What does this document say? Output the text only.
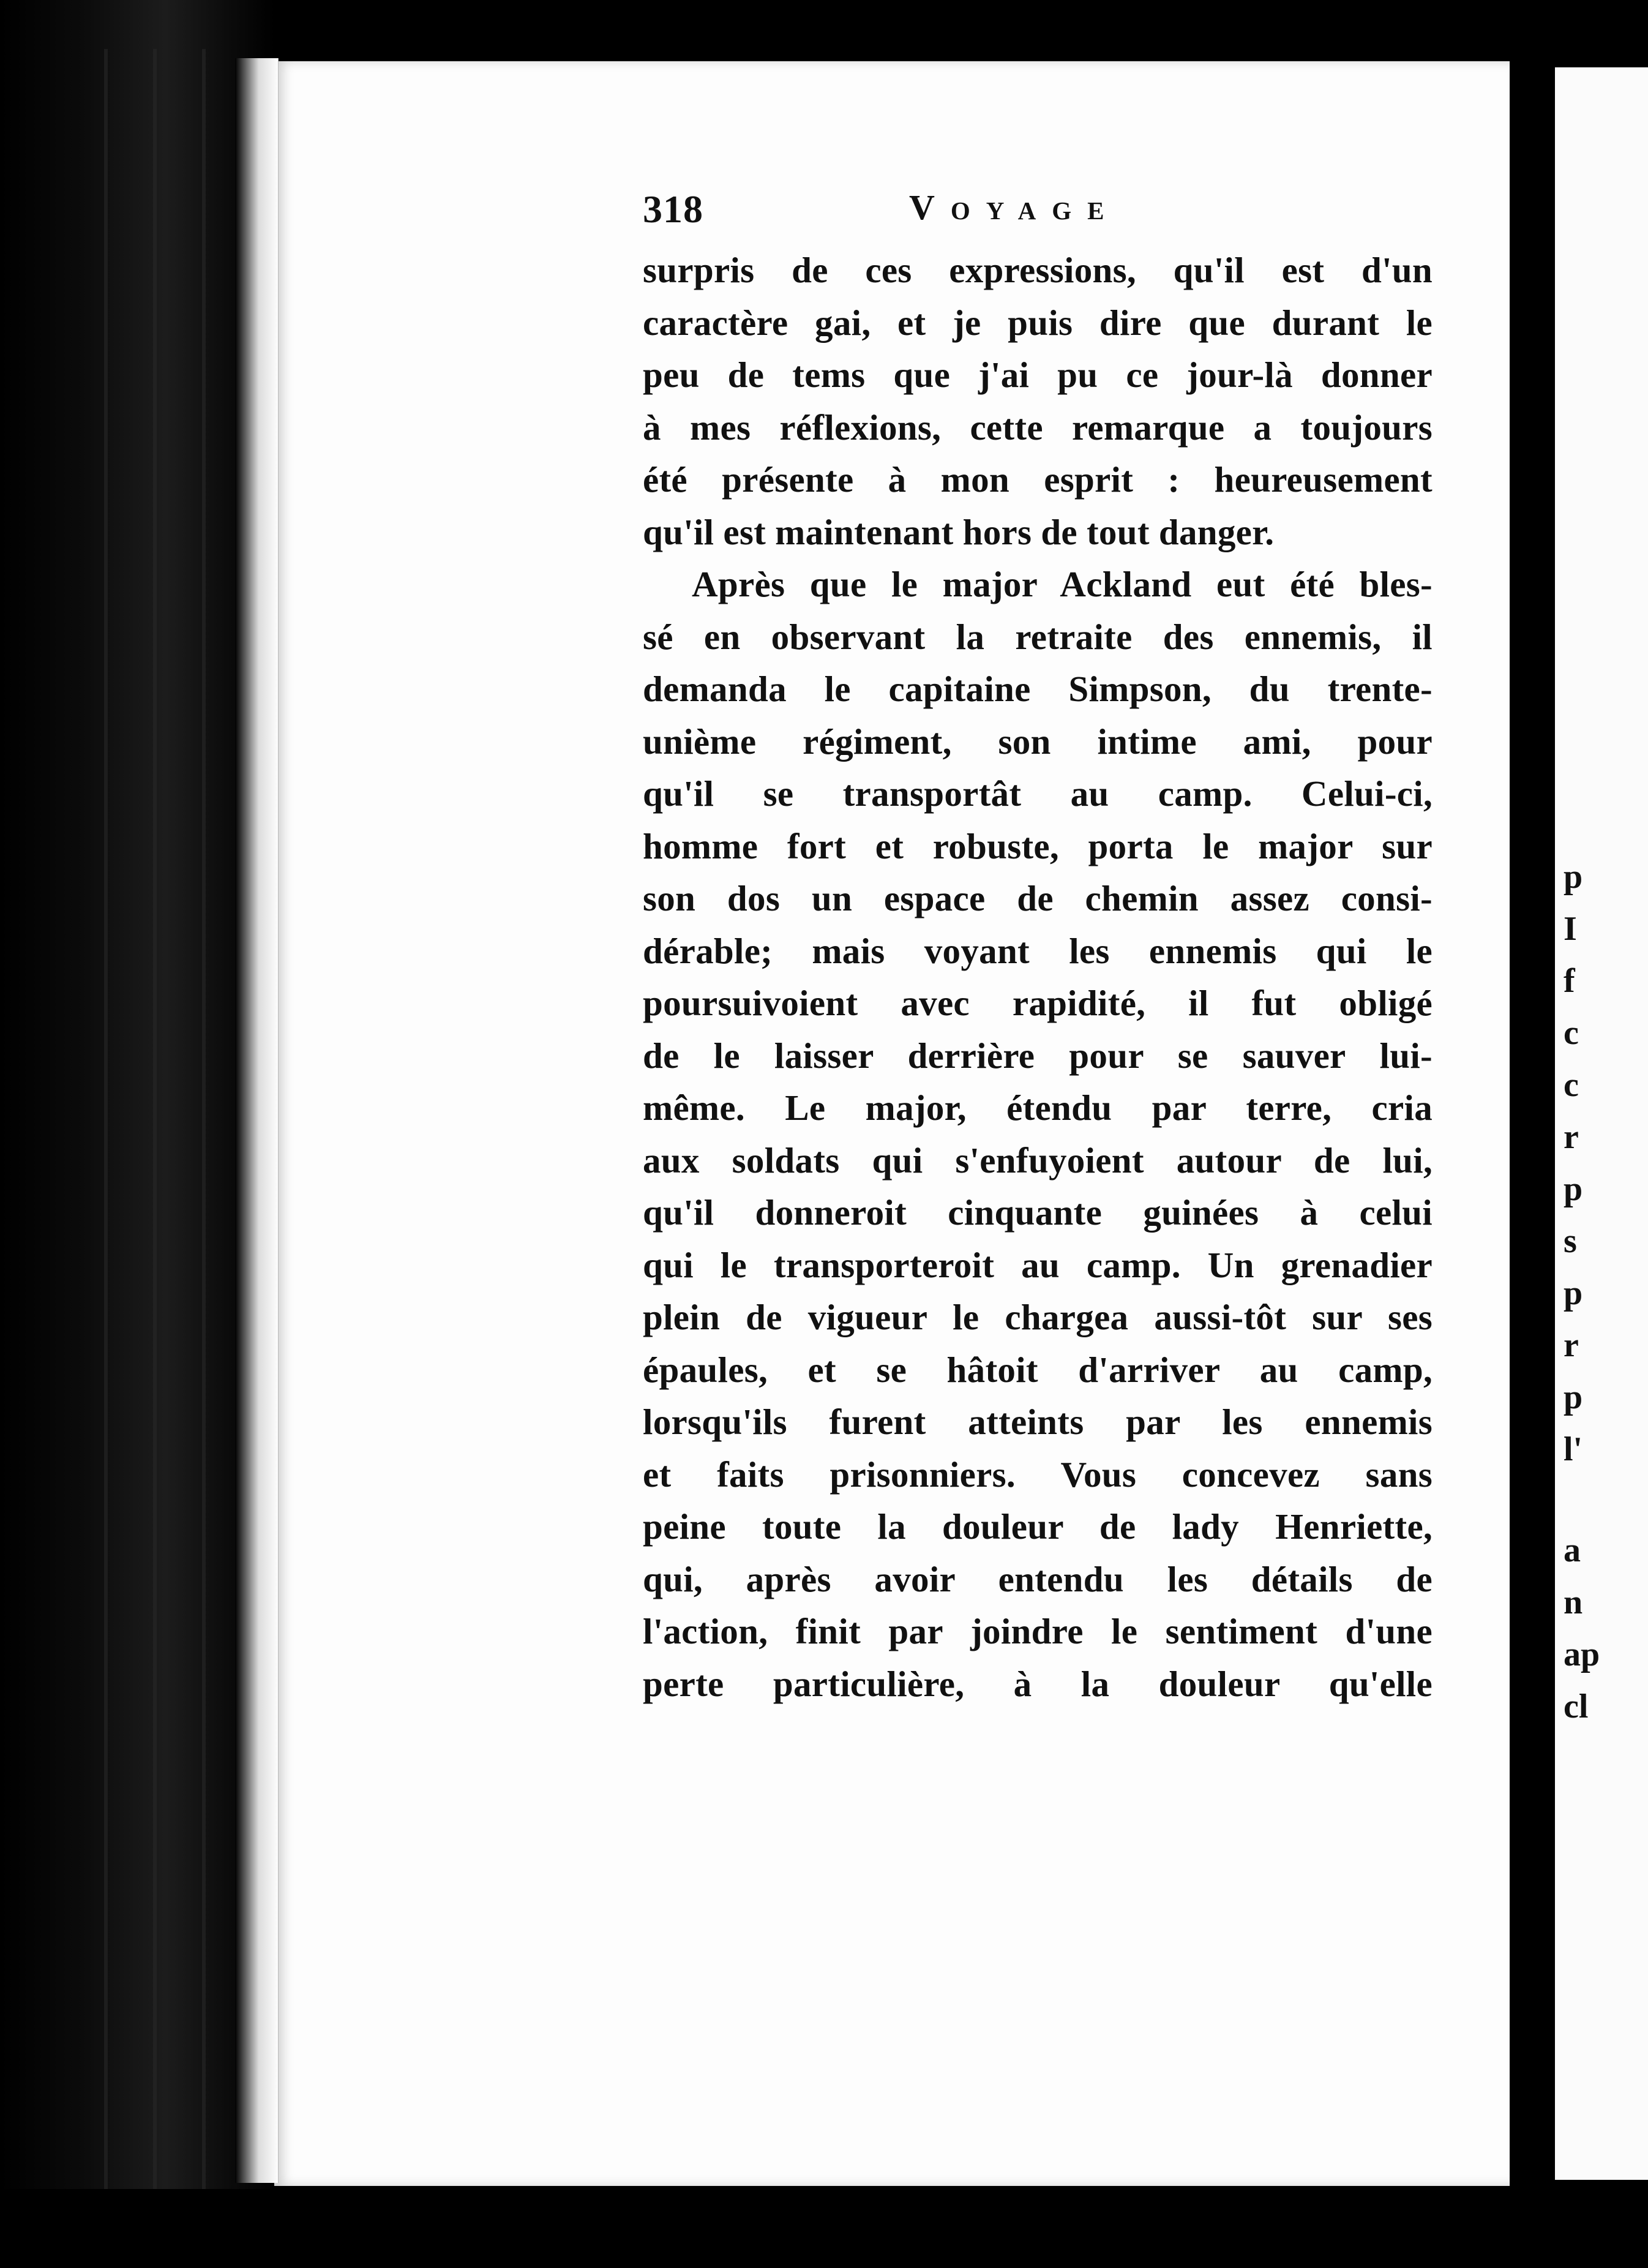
p
I
f
c
c
r
p
s
p
r
p
l'
a
n
ap
cl
318	Voyage
surpris de ces expressions, qu'il est d'un
caractère gai, et je puis dire que durant le
peu de tems que j'ai pu ce jour-là donner
à mes réflexions, cette remarque a toujours
été présente à mon esprit : heureusement
qu'il est maintenant hors de tout danger.
Après que le major Ackland eut été bles-
sé en observant la retraite des ennemis, il
demanda le capitaine Simpson, du trente-
unième régiment, son intime ami, pour
qu'il se transportât au camp. Celui-ci,
homme fort et robuste, porta le major sur
son dos un espace de chemin assez consi-
dérable; mais voyant les ennemis qui le
poursuivoient avec rapidité, il fut obligé
de le laisser derrière pour se sauver lui-
même. Le major, étendu par terre, cria
aux soldats qui s'enfuyoient autour de lui,
qu'il donneroit cinquante guinées à celui
qui le transporteroit au camp. Un grenadier
plein de vigueur le chargea aussi-tôt sur ses
épaules, et se hâtoit d'arriver au camp,
lorsqu'ils furent atteints par les ennemis
et faits prisonniers. Vous concevez sans
peine toute la douleur de lady Henriette,
qui, après avoir entendu les détails de
l'action, finit par joindre le sentiment d'une
perte particulière, à la douleur qu'elle
